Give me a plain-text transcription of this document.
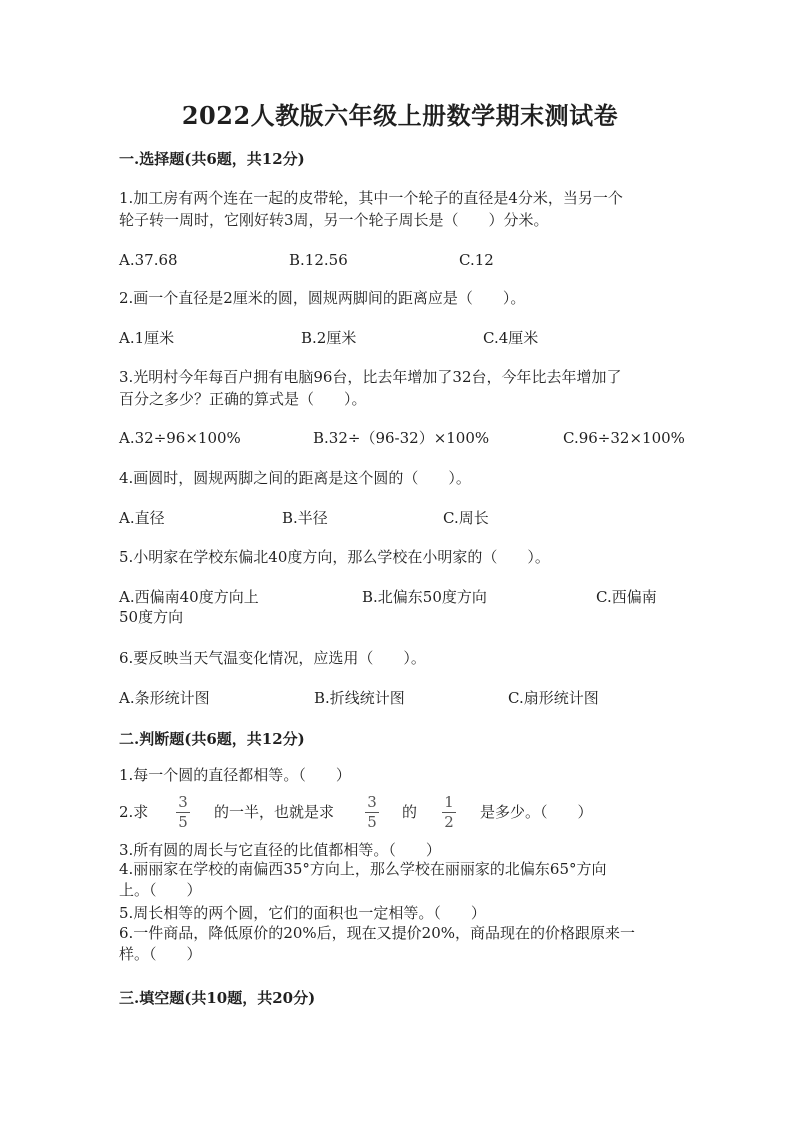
2022人教版六年级上册数学期末测试卷
一.选择题(共6题，共12分)
1.加工房有两个连在一起的皮带轮，其中一个轮子的直径是4分米，当另一个
轮子转一周时，它刚好转3周，另一个轮子周长是（　　）分米。
A.37.68	B.12.56	C.12
2.画一个直径是2厘米的圆，圆规两脚间的距离应是（　　）。
A.1厘米	B.2厘米	C.4厘米
3.光明村今年每百户拥有电脑96台，比去年增加了32台，今年比去年增加了
百分之多少？正确的算式是（　　）。
A.32÷96×100%	B.32÷（96-32）×100%	C.96÷32×100%
4.画圆时，圆规两脚之间的距离是这个圆的（　　）。
A.直径	B.半径	C.周长
5.小明家在学校东偏北40度方向，那么学校在小明家的（　　）。
A.西偏南40度方向上	B.北偏东50度方向	C.西偏南
50度方向
6.要反映当天气温变化情况，应选用（　　）。
A.条形统计图	B.折线统计图	C.扇形统计图
二.判断题(共6题，共12分)
1.每一个圆的直径都相等。（　　）
2.求
3
5
的一半，也就是求
3
5
的
1
2
是多少。（　　）
3.所有圆的周长与它直径的比值都相等。（　　）
4.丽丽家在学校的南偏西35°方向上，那么学校在丽丽家的北偏东65°方向
上。（　　）
5.周长相等的两个圆，它们的面积也一定相等。（　　）
6.一件商品，降低原价的20%后，现在又提价20%，商品现在的价格跟原来一
样。（　　）
三.填空题(共10题，共20分)
